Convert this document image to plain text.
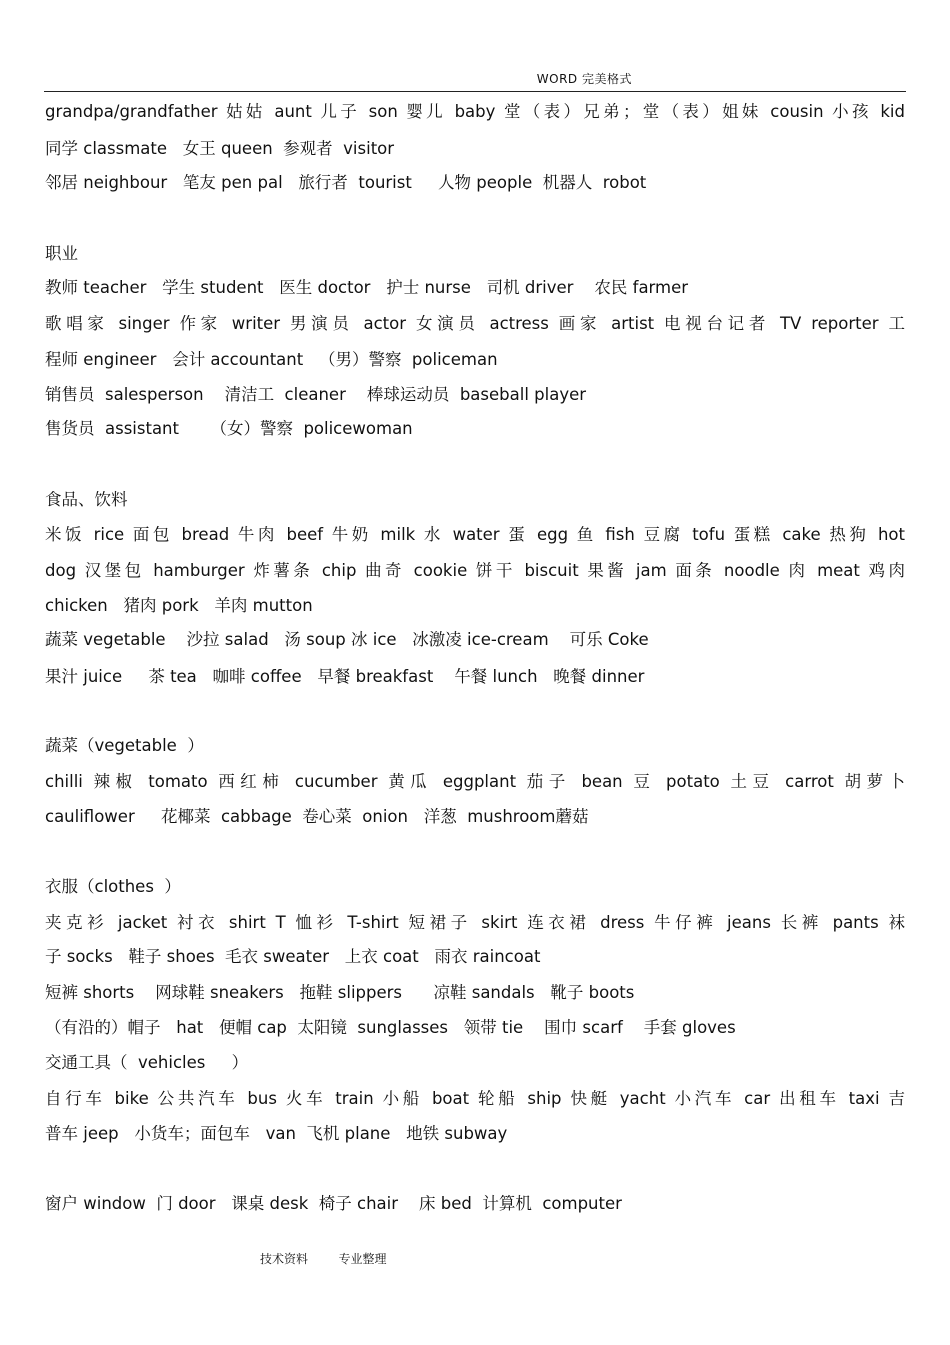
WORD 完美格式
grandpa/grandfather 姑姑 aunt 儿子 son 婴儿 baby 堂（表）兄弟；堂（表）姐妹 cousin 小孩 kid
同学 classmate   女王 queen  参观者  visitor
邻居 neighbour   笔友 pen pal   旅行者  tourist     人物 people  机器人  robot
职业
教师 teacher   学生 student   医生 doctor   护士 nurse   司机 driver    农民 farmer
歌唱家 singer 作家 writer 男演员 actor 女演员 actress 画家 artist 电视台记者 TV reporter 工
程师 engineer   会计 accountant   （男）警察  policeman
销售员  salesperson    清洁工  cleaner    棒球运动员  baseball player
售货员  assistant      （女）警察  policewoman
食品、饮料
米饭 rice 面包 bread 牛肉 beef 牛奶 milk 水 water 蛋 egg 鱼 fish 豆腐 tofu 蛋糕 cake 热狗 hot
dog 汉堡包 hamburger 炸薯条 chip 曲奇 cookie 饼干 biscuit 果酱 jam 面条 noodle 肉 meat 鸡肉
chicken   猪肉 pork   羊肉 mutton
蔬菜 vegetable    沙拉 salad   汤 soup 冰 ice   冰激凌 ice-cream    可乐 Coke
果汁 juice     茶 tea   咖啡 coffee   早餐 breakfast    午餐 lunch   晚餐 dinner
蔬菜（vegetable  ）
chilli 辣椒 tomato 西红柿 cucumber 黄瓜 eggplant 茄子 bean 豆 potato 土豆 carrot 胡萝卜
cauliflower     花椰菜  cabbage  卷心菜  onion   洋葱  mushroom蘑菇
衣服（clothes  ）
夹克衫 jacket 衬衣 shirt T 恤衫 T-shirt 短裙子 skirt 连衣裙 dress 牛仔裤 jeans 长裤 pants 袜
子 socks   鞋子 shoes  毛衣 sweater   上衣 coat   雨衣 raincoat
短裤 shorts    网球鞋 sneakers   拖鞋 slippers      凉鞋 sandals   靴子 boots
（有沿的）帽子   hat   便帽 cap  太阳镜  sunglasses   领带 tie    围巾 scarf    手套 gloves
交通工具（  vehicles     ）
自行车 bike 公共汽车 bus 火车 train 小船 boat 轮船 ship 快艇 yacht 小汽车 car 出租车 taxi 吉
普车 jeep   小货车；面包车   van  飞机 plane   地铁 subway
窗户 window  门 door   课桌 desk  椅子 chair    床 bed  计算机  computer
技术资料	专业整理
